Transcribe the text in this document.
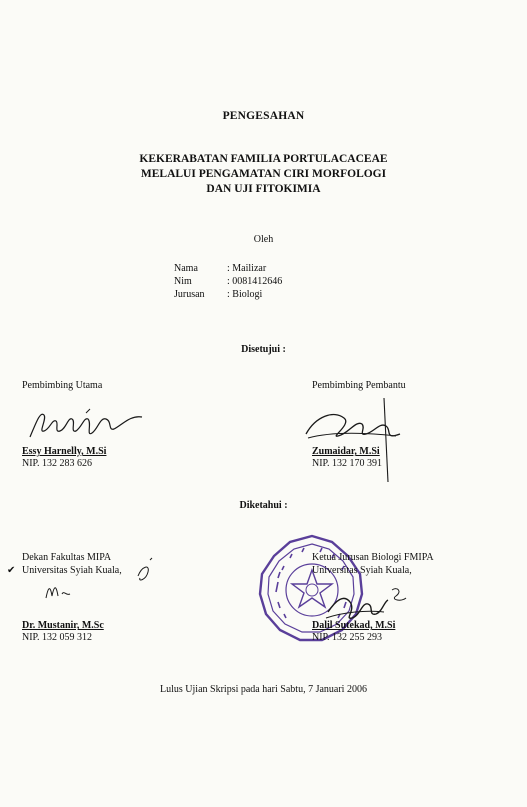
PENGESAHAN
KEKERABATAN FAMILIA PORTULACACEAE
MELALUI PENGAMATAN CIRI MORFOLOGI
DAN UJI FITOKIMIA
Oleh
Nama	: Mailizar
Nim	: 0081412646
Jurusan	: Biologi
Disetujui :
Pembimbing Utama
Essy Harnelly, M.Si
NIP. 132 283 626
Pembimbing Pembantu
Zumaidar, M.Si
NIP. 132 170 391
Diketahui :
Dekan Fakultas MIPA
✔ Universitas Syiah Kuala,
Dr. Mustanir, M.Sc
NIP. 132 059 312
Ketua Jurusan Biologi FMIPA
Universitas Syiah Kuala,
Dalil Sutekad, M.Si
NIP. 132 255 293
Lulus Ujian Skripsi pada hari Sabtu, 7 Januari 2006
